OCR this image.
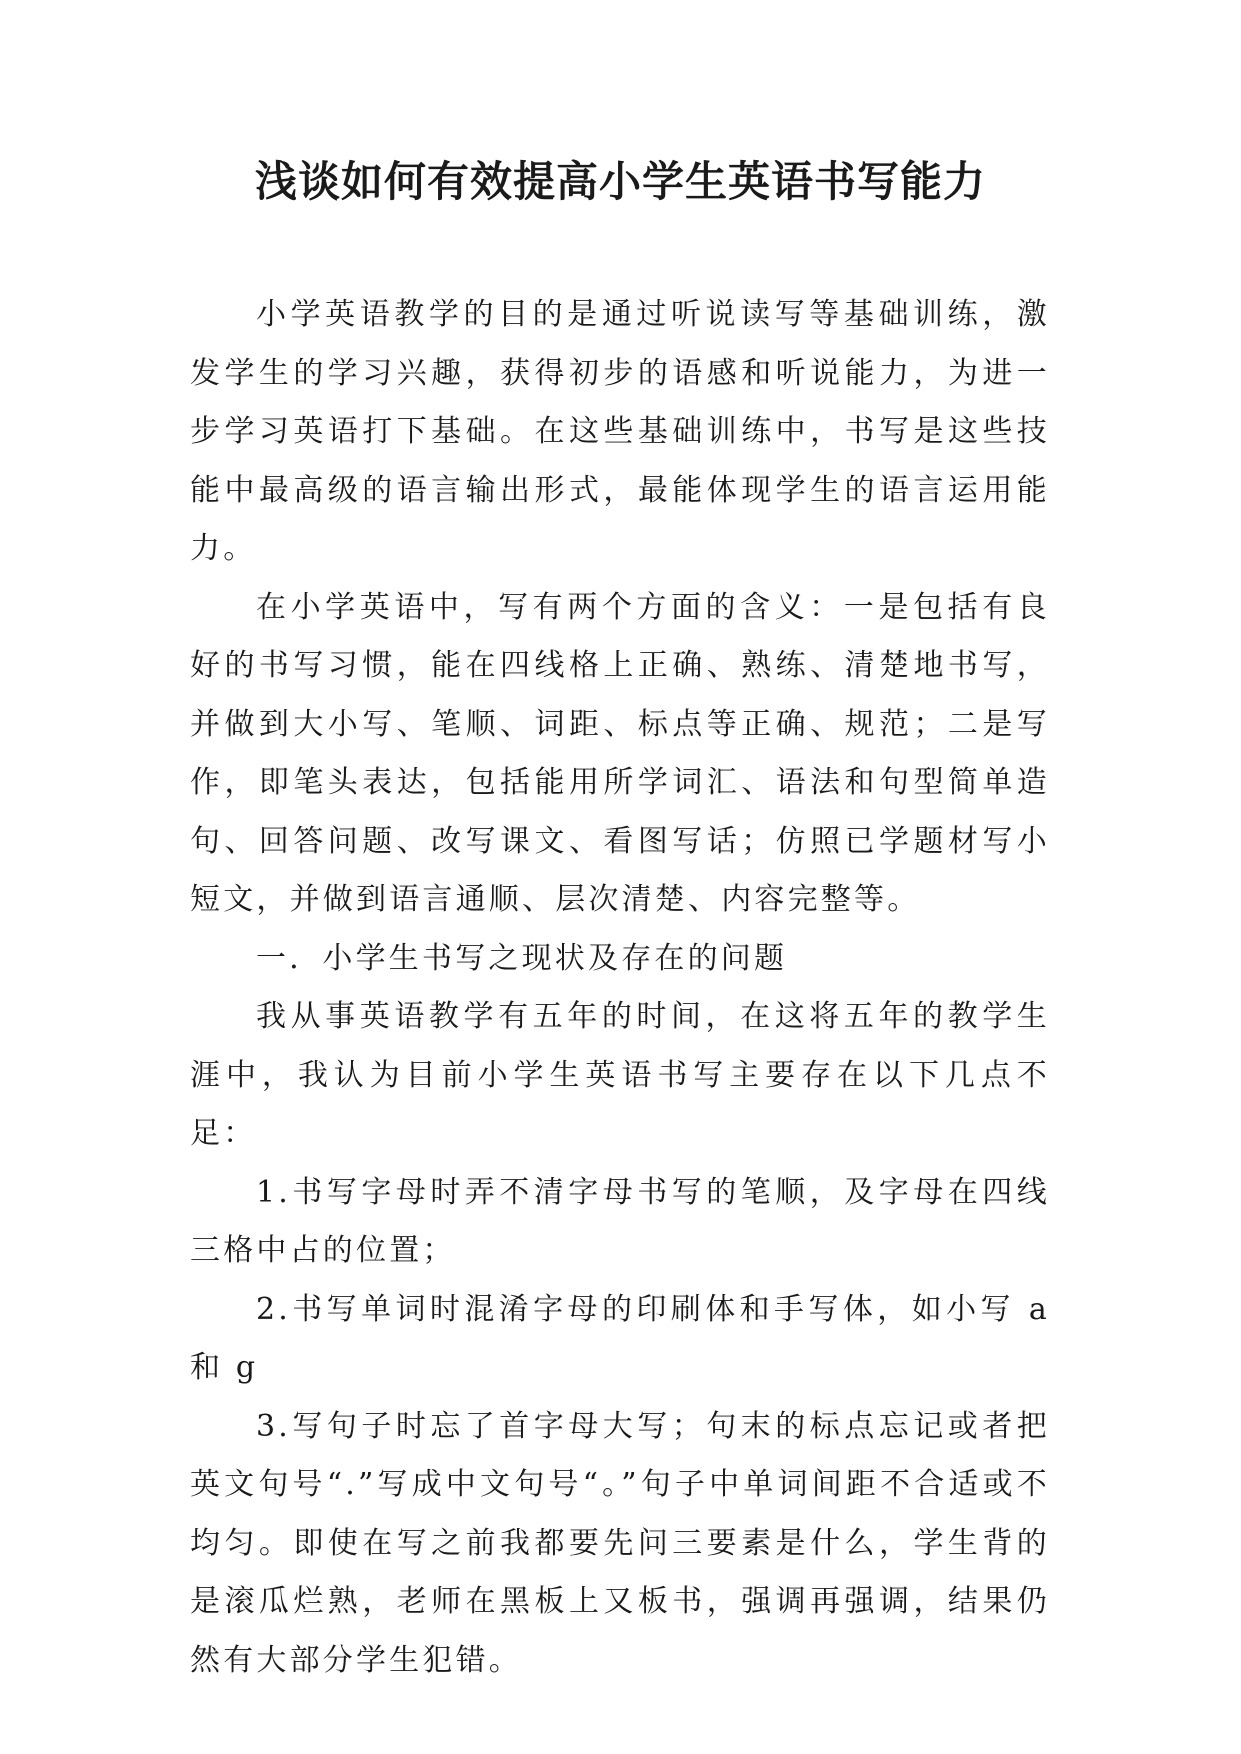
浅谈如何有效提高小学生英语书写能力

小学英语教学的目的是通过听说读写等基础训练，激发学生的学习兴趣，获得初步的语感和听说能力，为进一步学习英语打下基础。在这些基础训练中，书写是这些技能中最高级的语言输出形式，最能体现学生的语言运用能力。

在小学英语中，写有两个方面的含义：一是包括有良好的书写习惯，能在四线格上正确、熟练、清楚地书写，并做到大小写、笔顺、词距、标点等正确、规范；二是写作，即笔头表达，包括能用所学词汇、语法和句型简单造句、回答问题、改写课文、看图写话；仿照已学题材写小短文，并做到语言通顺、层次清楚、内容完整等。

一．小学生书写之现状及存在的问题

我从事英语教学有五年的时间，在这将五年的教学生涯中，我认为目前小学生英语书写主要存在以下几点不足：

1.书写字母时弄不清字母书写的笔顺，及字母在四线三格中占的位置；

2.书写单词时混淆字母的印刷体和手写体，如小写 a 和 g

3.写句子时忘了首字母大写；句末的标点忘记或者把英文句号“.”写成中文句号“。”句子中单词间距不合适或不均匀。即使在写之前我都要先问三要素是什么，学生背的是滚瓜烂熟，老师在黑板上又板书，强调再强调，结果仍然有大部分学生犯错。
